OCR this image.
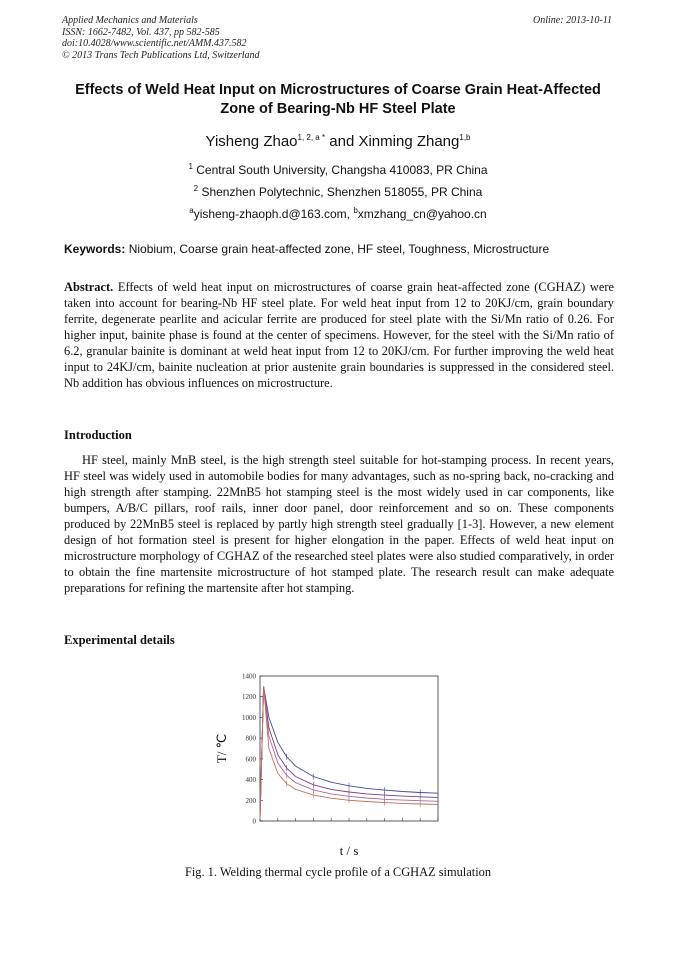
Applied Mechanics and Materials
ISSN: 1662-7482, Vol. 437, pp 582-585
doi:10.4028/www.scientific.net/AMM.437.582
© 2013 Trans Tech Publications Ltd, Switzerland
Online: 2013-10-11
Effects of Weld Heat Input on Microstructures of Coarse Grain Heat-Affected Zone of Bearing-Nb HF Steel Plate
Yisheng Zhao$^{1, 2, a *}$ and Xinming Zhang$^{1,b}$
$^1$ Central South University, Changsha 410083, PR China
$^2$ Shenzhen Polytechnic, Shenzhen 518055, PR China
$^a$yisheng-zhaoph.d@163.com, $^b$xmzhang_cn@yahoo.cn
Keywords: Niobium, Coarse grain heat-affected zone, HF steel, Toughness, Microstructure
Abstract. Effects of weld heat input on microstructures of coarse grain heat-affected zone (CGHAZ) were taken into account for bearing-Nb HF steel plate. For weld heat input from 12 to 20KJ/cm, grain boundary ferrite, degenerate pearlite and acicular ferrite are produced for steel plate with the Si/Mn ratio of 0.26. For higher input, bainite phase is found at the center of specimens. However, for the steel with the Si/Mn ratio of 6.2, granular bainite is dominant at weld heat input from 12 to 20KJ/cm. For further improving the weld heat input to 24KJ/cm, bainite nucleation at prior austenite grain boundaries is suppressed in the considered steel. Nb addition has obvious influences on microstructure.
Introduction
HF steel, mainly MnB steel, is the high strength steel suitable for hot-stamping process. In recent years, HF steel was widely used in automobile bodies for many advantages, such as no-spring back, no-cracking and high strength after stamping. 22MnB5 hot stamping steel is the most widely used in car components, like bumpers, A/B/C pillars, roof rails, inner door panel, door reinforcement and so on. These components produced by 22MnB5 steel is replaced by partly high strength steel gradually [1-3]. However, a new element design of hot formation steel is present for higher elongation in the paper. Effects of weld heat input on microstructure morphology of CGHAZ of the researched steel plates were also studied comparatively, in order to obtain the fine martensite microstructure of hot stamped plate. The research result can make adequate preparations for refining the martensite after hot stamping.
Experimental details
0
200
400
600
800
1000
1200
1400
T/ ℃
t / s
Fig. 1. Welding thermal cycle profile of a CGHAZ simulation
